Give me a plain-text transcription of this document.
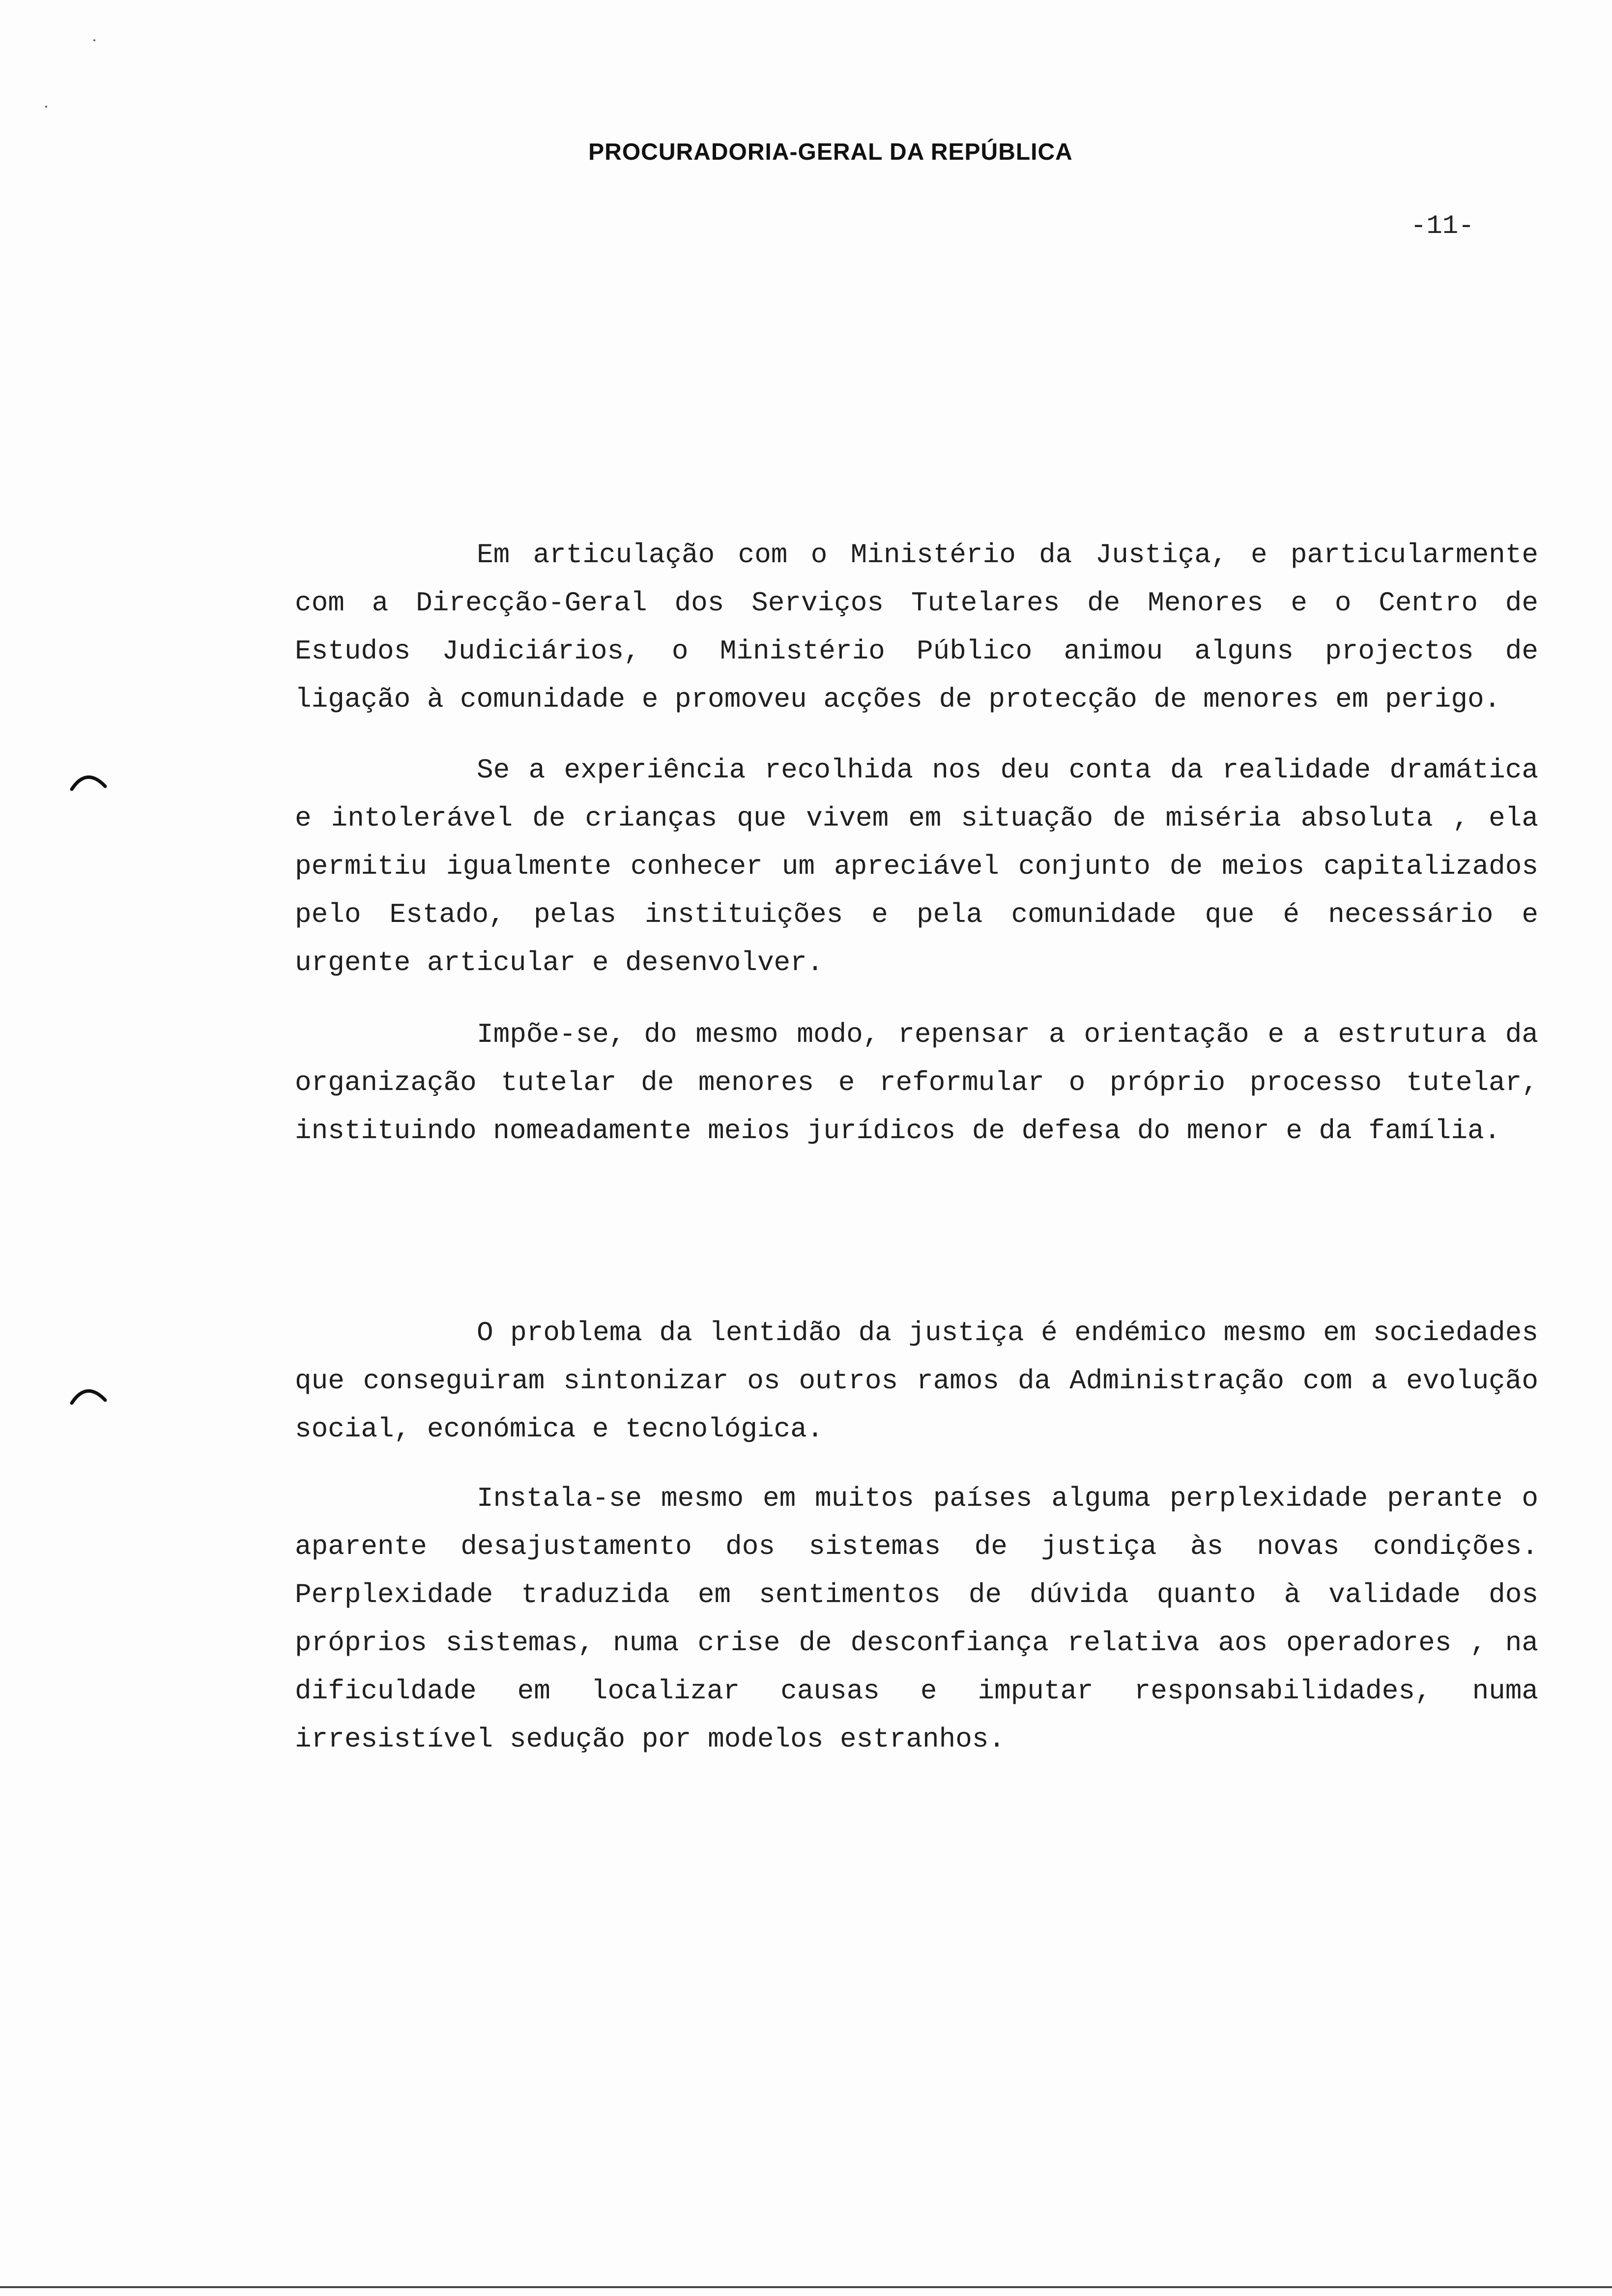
PROCURADORIA-GERAL DA REPÚBLICA
-11-
Em articulação com o Ministério da Justiça, e particularmente
com a Direcção-Geral dos Serviços Tutelares de Menores e o Centro de
Estudos Judiciários, o Ministério Público animou alguns projectos de
ligação à comunidade e promoveu acções de protecção de menores em perigo.
Se a experiência recolhida nos deu conta da realidade dramática
e intolerável de crianças que vivem em situação de miséria absoluta , ela
permitiu igualmente conhecer um apreciável conjunto de meios capitalizados
pelo Estado, pelas instituições e pela comunidade que é necessário e
urgente articular e desenvolver.
Impõe-se, do mesmo modo, repensar a orientação e a estrutura da
organização tutelar de menores e reformular o próprio processo tutelar,
instituindo nomeadamente meios jurídicos de defesa do menor e da família.
O problema da lentidão da justiça é endémico mesmo em sociedades
que conseguiram sintonizar os outros ramos da Administração com a evolução
social, económica e tecnológica.
Instala-se mesmo em muitos países alguma perplexidade perante o
aparente desajustamento dos sistemas de justiça às novas condições.
Perplexidade traduzida em sentimentos de dúvida quanto à validade dos
próprios sistemas, numa crise de desconfiança relativa aos operadores , na
dificuldade em localizar causas e imputar responsabilidades, numa
irresistível sedução por modelos estranhos.
